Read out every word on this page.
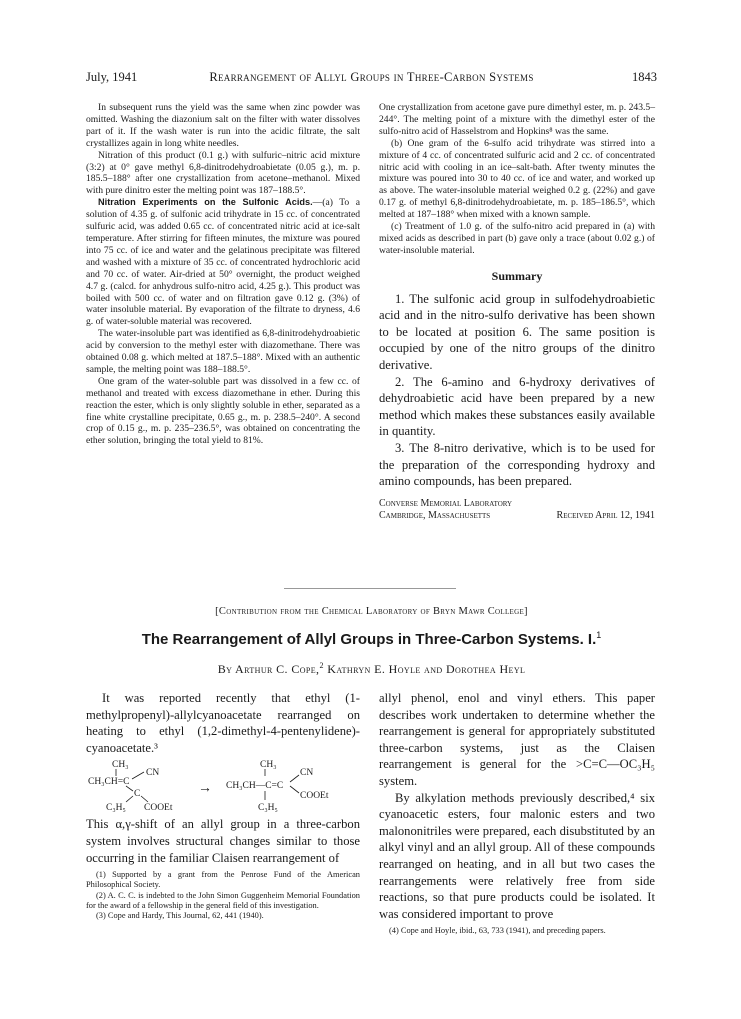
July, 1941	Rearrangement of Allyl Groups in Three-Carbon Systems	1843

In subsequent runs the yield was the same when zinc powder was omitted. Washing the diazonium salt on the filter with water dissolves part of it. If the wash water is run into the acidic filtrate, the salt crystallizes again in long white needles.

Nitration of this product (0.1 g.) with sulfuric–nitric acid mixture (3:2) at 0° gave methyl 6,8-dinitrodehydroabietate (0.05 g.), m. p. 185.5–188° after one crystallization from acetone–methanol. Mixed with pure dinitro ester the melting point was 187–188.5°.

Nitration Experiments on the Sulfonic Acids.—(a) To a solution of 4.35 g. of sulfonic acid trihydrate in 15 cc. of concentrated sulfuric acid, was added 0.65 cc. of concentrated nitric acid at ice-salt temperature. After stirring for fifteen minutes, the mixture was poured into 75 cc. of ice and water and the gelatinous precipitate was filtered and washed with a mixture of 35 cc. of concentrated hydrochloric acid and 70 cc. of water. Air-dried at 50° overnight, the product weighed 4.7 g. (calcd. for anhydrous sulfo-nitro acid, 4.25 g.). This product was boiled with 500 cc. of water and on filtration gave 0.12 g. (3%) of water insoluble material. By evaporation of the filtrate to dryness, 4.6 g. of water-soluble material was recovered.

The water-insoluble part was identified as 6,8-dinitrodehydroabietic acid by conversion to the methyl ester with diazomethane. There was obtained 0.08 g. which melted at 187.5–188°. Mixed with an authentic sample, the melting point was 188–188.5°.

One gram of the water-soluble part was dissolved in a few cc. of methanol and treated with excess diazomethane in ether. During this reaction the ester, which is only slightly soluble in ether, separated as a fine white crystalline precipitate, 0.65 g., m. p. 238.5–240°. A second crop of 0.15 g., m. p. 235–236.5°, was obtained on concentrating the ether solution, bringing the total yield to 81%.

One crystallization from acetone gave pure dimethyl ester, m. p. 243.5–244°. The melting point of a mixture with the dimethyl ester of the sulfo-nitro acid of Hasselstrom and Hopkins⁸ was the same.

(b) One gram of the 6-sulfo acid trihydrate was stirred into a mixture of 4 cc. of concentrated sulfuric acid and 2 cc. of concentrated nitric acid with cooling in an ice–salt-bath. After twenty minutes the mixture was poured into 30 to 40 cc. of ice and water, and worked up as above. The water-insoluble material weighed 0.2 g. (22%) and gave 0.17 g. of methyl 6,8-dinitrodehydroabietate, m. p. 185–186.5°, which melted at 187–188° when mixed with a known sample.

(c) Treatment of 1.0 g. of the sulfo-nitro acid prepared in (a) with mixed acids as described in part (b) gave only a trace (about 0.02 g.) of water-insoluble material.

Summary

1. The sulfonic acid group in sulfodehydroabietic acid and in the nitro-sulfo derivative has been shown to be located at position 6. The same position is occupied by one of the nitro groups of the dinitro derivative.

2. The 6-amino and 6-hydroxy derivatives of dehydroabietic acid have been prepared by a new method which makes these substances easily available in quantity.

3. The 8-nitro derivative, which is to be used for the preparation of the corresponding hydroxy and amino compounds, has been prepared.

Converse Memorial Laboratory
Cambridge, Massachusetts	Received April 12, 1941
[Contribution from the Chemical Laboratory of Bryn Mawr College]
The Rearrangement of Allyl Groups in Three-Carbon Systems. I.$^1$
By Arthur C. Cope,$^2$ Kathryn E. Hoyle and Dorothea Heyl

It was reported recently that ethyl (1-methylpropenyl)-allylcyanoacetate rearranged on heating to ethyl (1,2-dimethyl-4-pentenylidene)-cyanoacetate.³

CH₃
CH₃CH=C
CN
C
C₃H₅ COOEt
→
CH₃
CH₃CH—C=C
CN
COOEt
C₃H₅

This α,γ-shift of an allyl group in a three-carbon system involves structural changes similar to those occurring in the familiar Claisen rearrangement of

(1) Supported by a grant from the Penrose Fund of the American Philosophical Society.

(2) A. C. C. is indebted to the John Simon Guggenheim Memorial Foundation for the award of a fellowship in the general field of this investigation.

(3) Cope and Hardy, This Journal, 62, 441 (1940).

allyl phenol, enol and vinyl ethers. This paper describes work undertaken to determine whether the rearrangement is general for appropriately substituted three-carbon systems, just as the Claisen rearrangement is general for the >C=C—OC₃H₅ system.

By alkylation methods previously described,⁴ six cyanoacetic esters, four malonic esters and two malononitriles were prepared, each disubstituted by an alkyl vinyl and an allyl group. All of these compounds rearranged on heating, and in all but two cases the rearrangements were relatively free from side reactions, so that pure products could be isolated. It was considered important to prove

(4) Cope and Hoyle, ibid., 63, 733 (1941), and preceding papers.
